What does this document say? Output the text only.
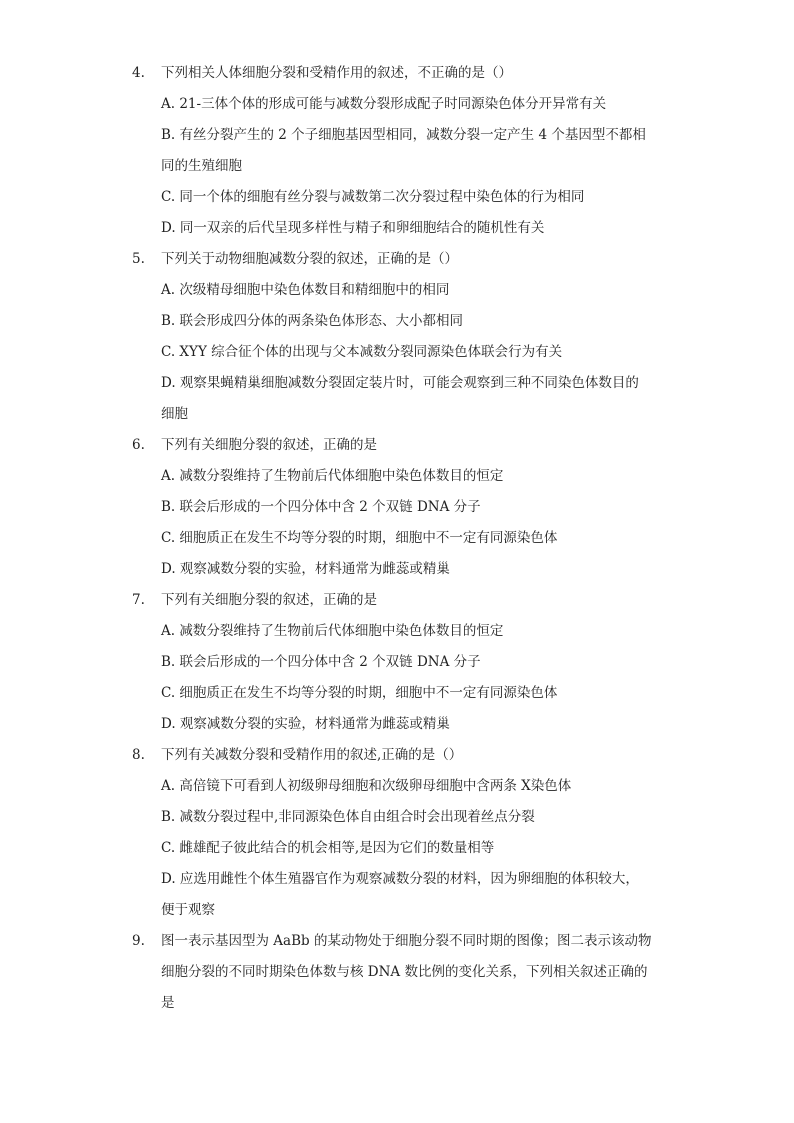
4.	下列相关人体细胞分裂和受精作用的叙述，不正确的是（）
A. 21-三体个体的形成可能与减数分裂形成配子时同源染色体分开异常有关
B. 有丝分裂产生的 2 个子细胞基因型相同，减数分裂一定产生 4 个基因型不都相
同的生殖细胞
C. 同一个体的细胞有丝分裂与减数第二次分裂过程中染色体的行为相同
D. 同一双亲的后代呈现多样性与精子和卵细胞结合的随机性有关
5.	下列关于动物细胞减数分裂的叙述，正确的是（）
A. 次级精母细胞中染色体数目和精细胞中的相同
B. 联会形成四分体的两条染色体形态、大小都相同
C. XYY 综合征个体的出现与父本减数分裂同源染色体联会行为有关
D. 观察果蝇精巢细胞减数分裂固定装片时，可能会观察到三种不同染色体数目的
细胞
6.	下列有关细胞分裂的叙述，正确的是
A. 减数分裂维持了生物前后代体细胞中染色体数目的恒定
B. 联会后形成的一个四分体中含 2 个双链 DNA 分子
C. 细胞质正在发生不均等分裂的时期，细胞中不一定有同源染色体
D. 观察减数分裂的实验，材料通常为雌蕊或精巢
7.	下列有关细胞分裂的叙述，正确的是
A. 减数分裂维持了生物前后代体细胞中染色体数目的恒定
B. 联会后形成的一个四分体中含 2 个双链 DNA 分子
C. 细胞质正在发生不均等分裂的时期，细胞中不一定有同源染色体
D. 观察减数分裂的实验，材料通常为雌蕊或精巢
8.	下列有关减数分裂和受精作用的叙述,正确的是（）
A. 高倍镜下可看到人初级卵母细胞和次级卵母细胞中含两条 X染色体
B. 减数分裂过程中,非同源染色体自由组合时会出现着丝点分裂
C. 雌雄配子彼此结合的机会相等,是因为它们的数量相等
D. 应选用雌性个体生殖器官作为观察减数分裂的材料，因为卵细胞的体积较大，
便于观察
9.	图一表示基因型为 AaBb 的某动物处于细胞分裂不同时期的图像；图二表示该动物
细胞分裂的不同时期染色体数与核 DNA 数比例的变化关系，下列相关叙述正确的
是
